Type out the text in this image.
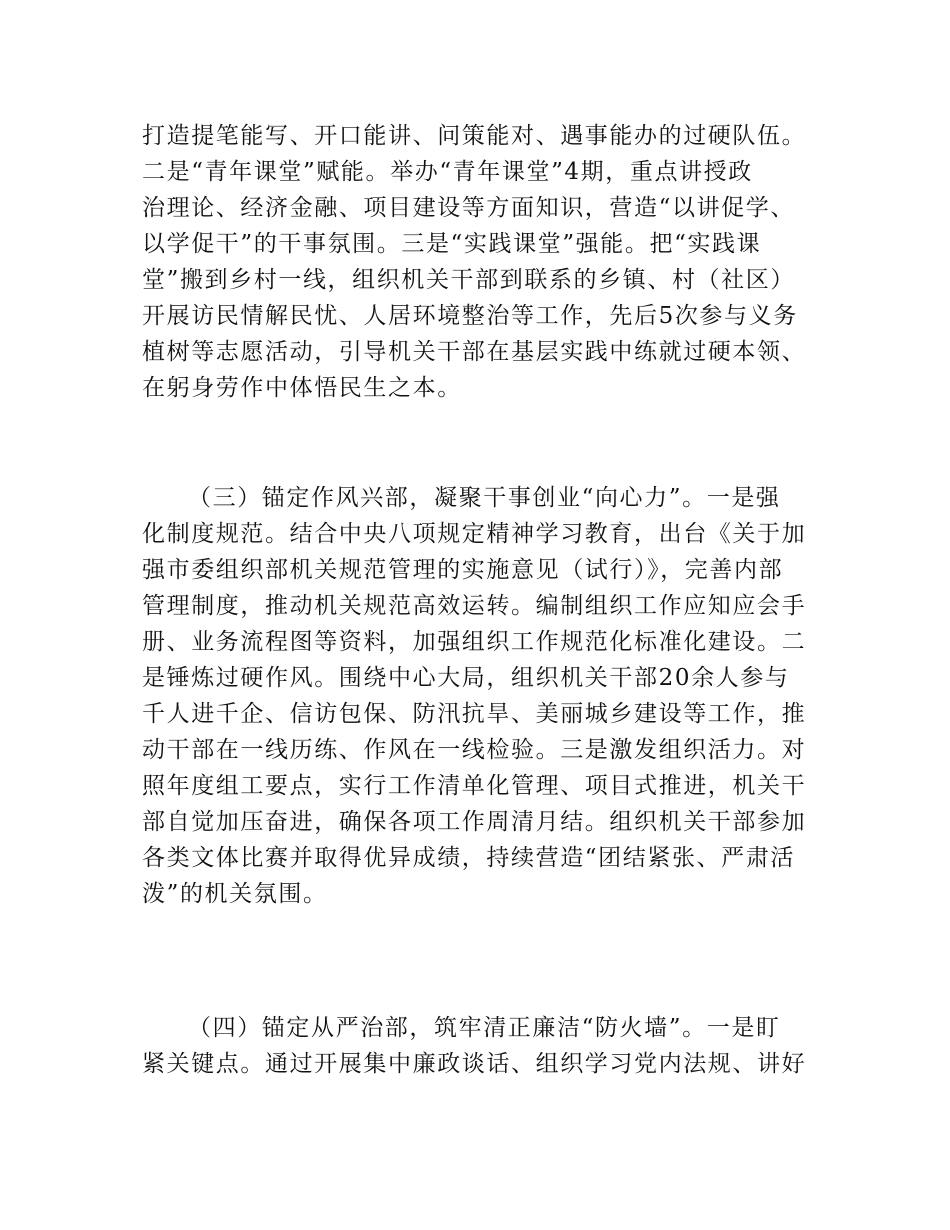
打造提笔能写、开口能讲、问策能对、遇事能办的过硬队伍。
二是“青年课堂”赋能。举办“青年课堂”4期，重点讲授政
治理论、经济金融、项目建设等方面知识，营造“以讲促学、
以学促干”的干事氛围。三是“实践课堂”强能。把“实践课
堂”搬到乡村一线，组织机关干部到联系的乡镇、村（社区）
开展访民情解民忧、人居环境整治等工作，先后5次参与义务
植树等志愿活动，引导机关干部在基层实践中练就过硬本领、
在躬身劳作中体悟民生之本。
（三）锚定作风兴部，凝聚干事创业“向心力”。一是强
化制度规范。结合中央八项规定精神学习教育，出台《关于加
强市委组织部机关规范管理的实施意见（试行）》，完善内部
管理制度，推动机关规范高效运转。编制组织工作应知应会手
册、业务流程图等资料，加强组织工作规范化标准化建设。二
是锤炼过硬作风。围绕中心大局，组织机关干部20余人参与
千人进千企、信访包保、防汛抗旱、美丽城乡建设等工作，推
动干部在一线历练、作风在一线检验。三是激发组织活力。对
照年度组工要点，实行工作清单化管理、项目式推进，机关干
部自觉加压奋进，确保各项工作周清月结。组织机关干部参加
各类文体比赛并取得优异成绩，持续营造“团结紧张、严肃活
泼”的机关氛围。
（四）锚定从严治部，筑牢清正廉洁“防火墙”。一是盯
紧关键点。通过开展集中廉政谈话、组织学习党内法规、讲好
